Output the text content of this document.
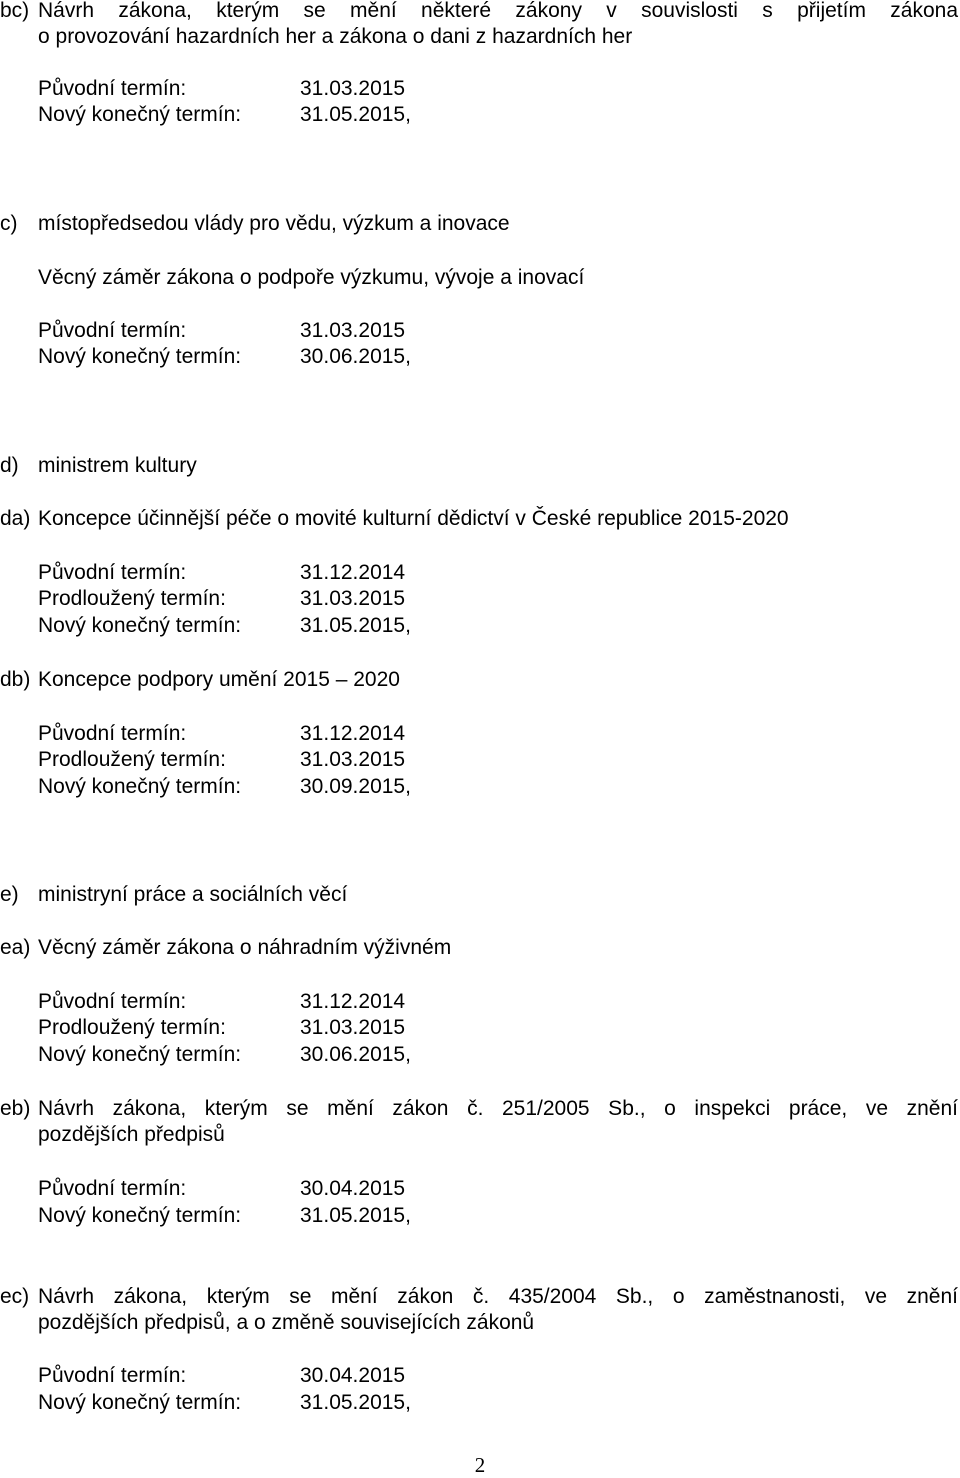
bc) Návrh zákona, kterým se mění některé zákony v souvislosti s přijetím zákona
o provozování hazardních her a zákona o dani z hazardních her
Původní termín:	31.03.2015
Nový konečný termín:	31.05.2015,
c) místopředsedou vlády pro vědu, výzkum a inovace
Věcný záměr zákona o podpoře výzkumu, vývoje a inovací
Původní termín:	31.03.2015
Nový konečný termín:	30.06.2015,
d) ministrem kultury
da) Koncepce účinnější péče o movité kulturní dědictví v České republice 2015-2020
Původní termín:	31.12.2014
Prodloužený termín:	31.03.2015
Nový konečný termín:	31.05.2015,
db) Koncepce podpory umění 2015 – 2020
Původní termín:	31.12.2014
Prodloužený termín:	31.03.2015
Nový konečný termín:	30.09.2015,
e) ministryní práce a sociálních věcí
ea) Věcný záměr zákona o náhradním výživném
Původní termín:	31.12.2014
Prodloužený termín:	31.03.2015
Nový konečný termín:	30.06.2015,
eb) Návrh zákona, kterým se mění zákon č. 251/2005 Sb., o inspekci práce, ve znění
pozdějších předpisů
Původní termín:	30.04.2015
Nový konečný termín:	31.05.2015,
ec) Návrh zákona, kterým se mění zákon č. 435/2004 Sb., o zaměstnanosti, ve znění
pozdějších předpisů, a o změně souvisejících zákonů
Původní termín:	30.04.2015
Nový konečný termín:	31.05.2015,
2
